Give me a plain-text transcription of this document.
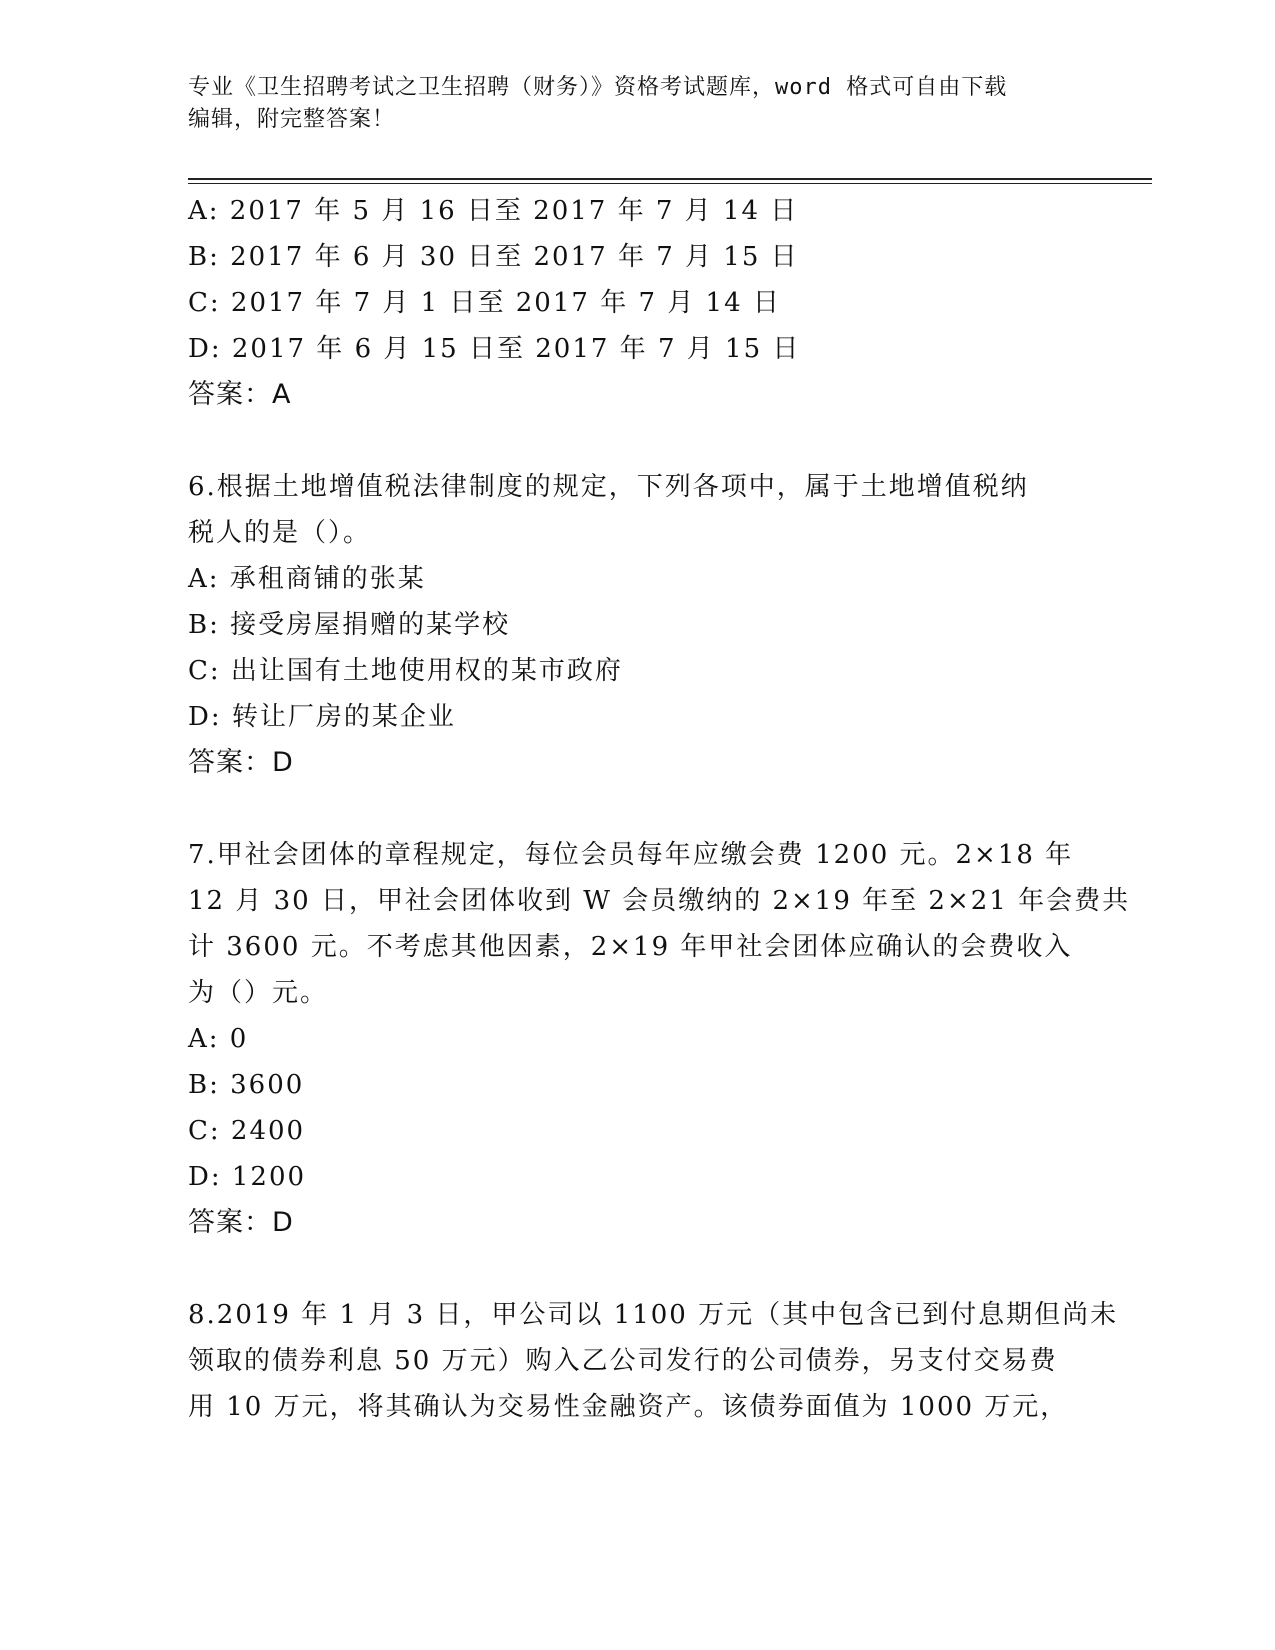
专业《卫生招聘考试之卫生招聘（财务）》资格考试题库，word 格式可自由下载
编辑，附完整答案！
A: 2017 年 5 月 16 日至 2017 年 7 月 14 日
B: 2017 年 6 月 30 日至 2017 年 7 月 15 日
C: 2017 年 7 月 1 日至 2017 年 7 月 14 日
D: 2017 年 6 月 15 日至 2017 年 7 月 15 日
答案：A
6.根据土地增值税法律制度的规定，下列各项中，属于土地增值税纳
税人的是（）。
A: 承租商铺的张某
B: 接受房屋捐赠的某学校
C: 出让国有土地使用权的某市政府
D: 转让厂房的某企业
答案：D
7.甲社会团体的章程规定，每位会员每年应缴会费 1200 元。2×18 年
12 月 30 日，甲社会团体收到 W 会员缴纳的 2×19 年至 2×21 年会费共
计 3600 元。不考虑其他因素，2×19 年甲社会团体应确认的会费收入
为（）元。
A: 0
B: 3600
C: 2400
D: 1200
答案：D
8.2019 年 1 月 3 日，甲公司以 1100 万元（其中包含已到付息期但尚未
领取的债券利息 50 万元）购入乙公司发行的公司债券，另支付交易费
用 10 万元，将其确认为交易性金融资产。该债券面值为 1000 万元，
